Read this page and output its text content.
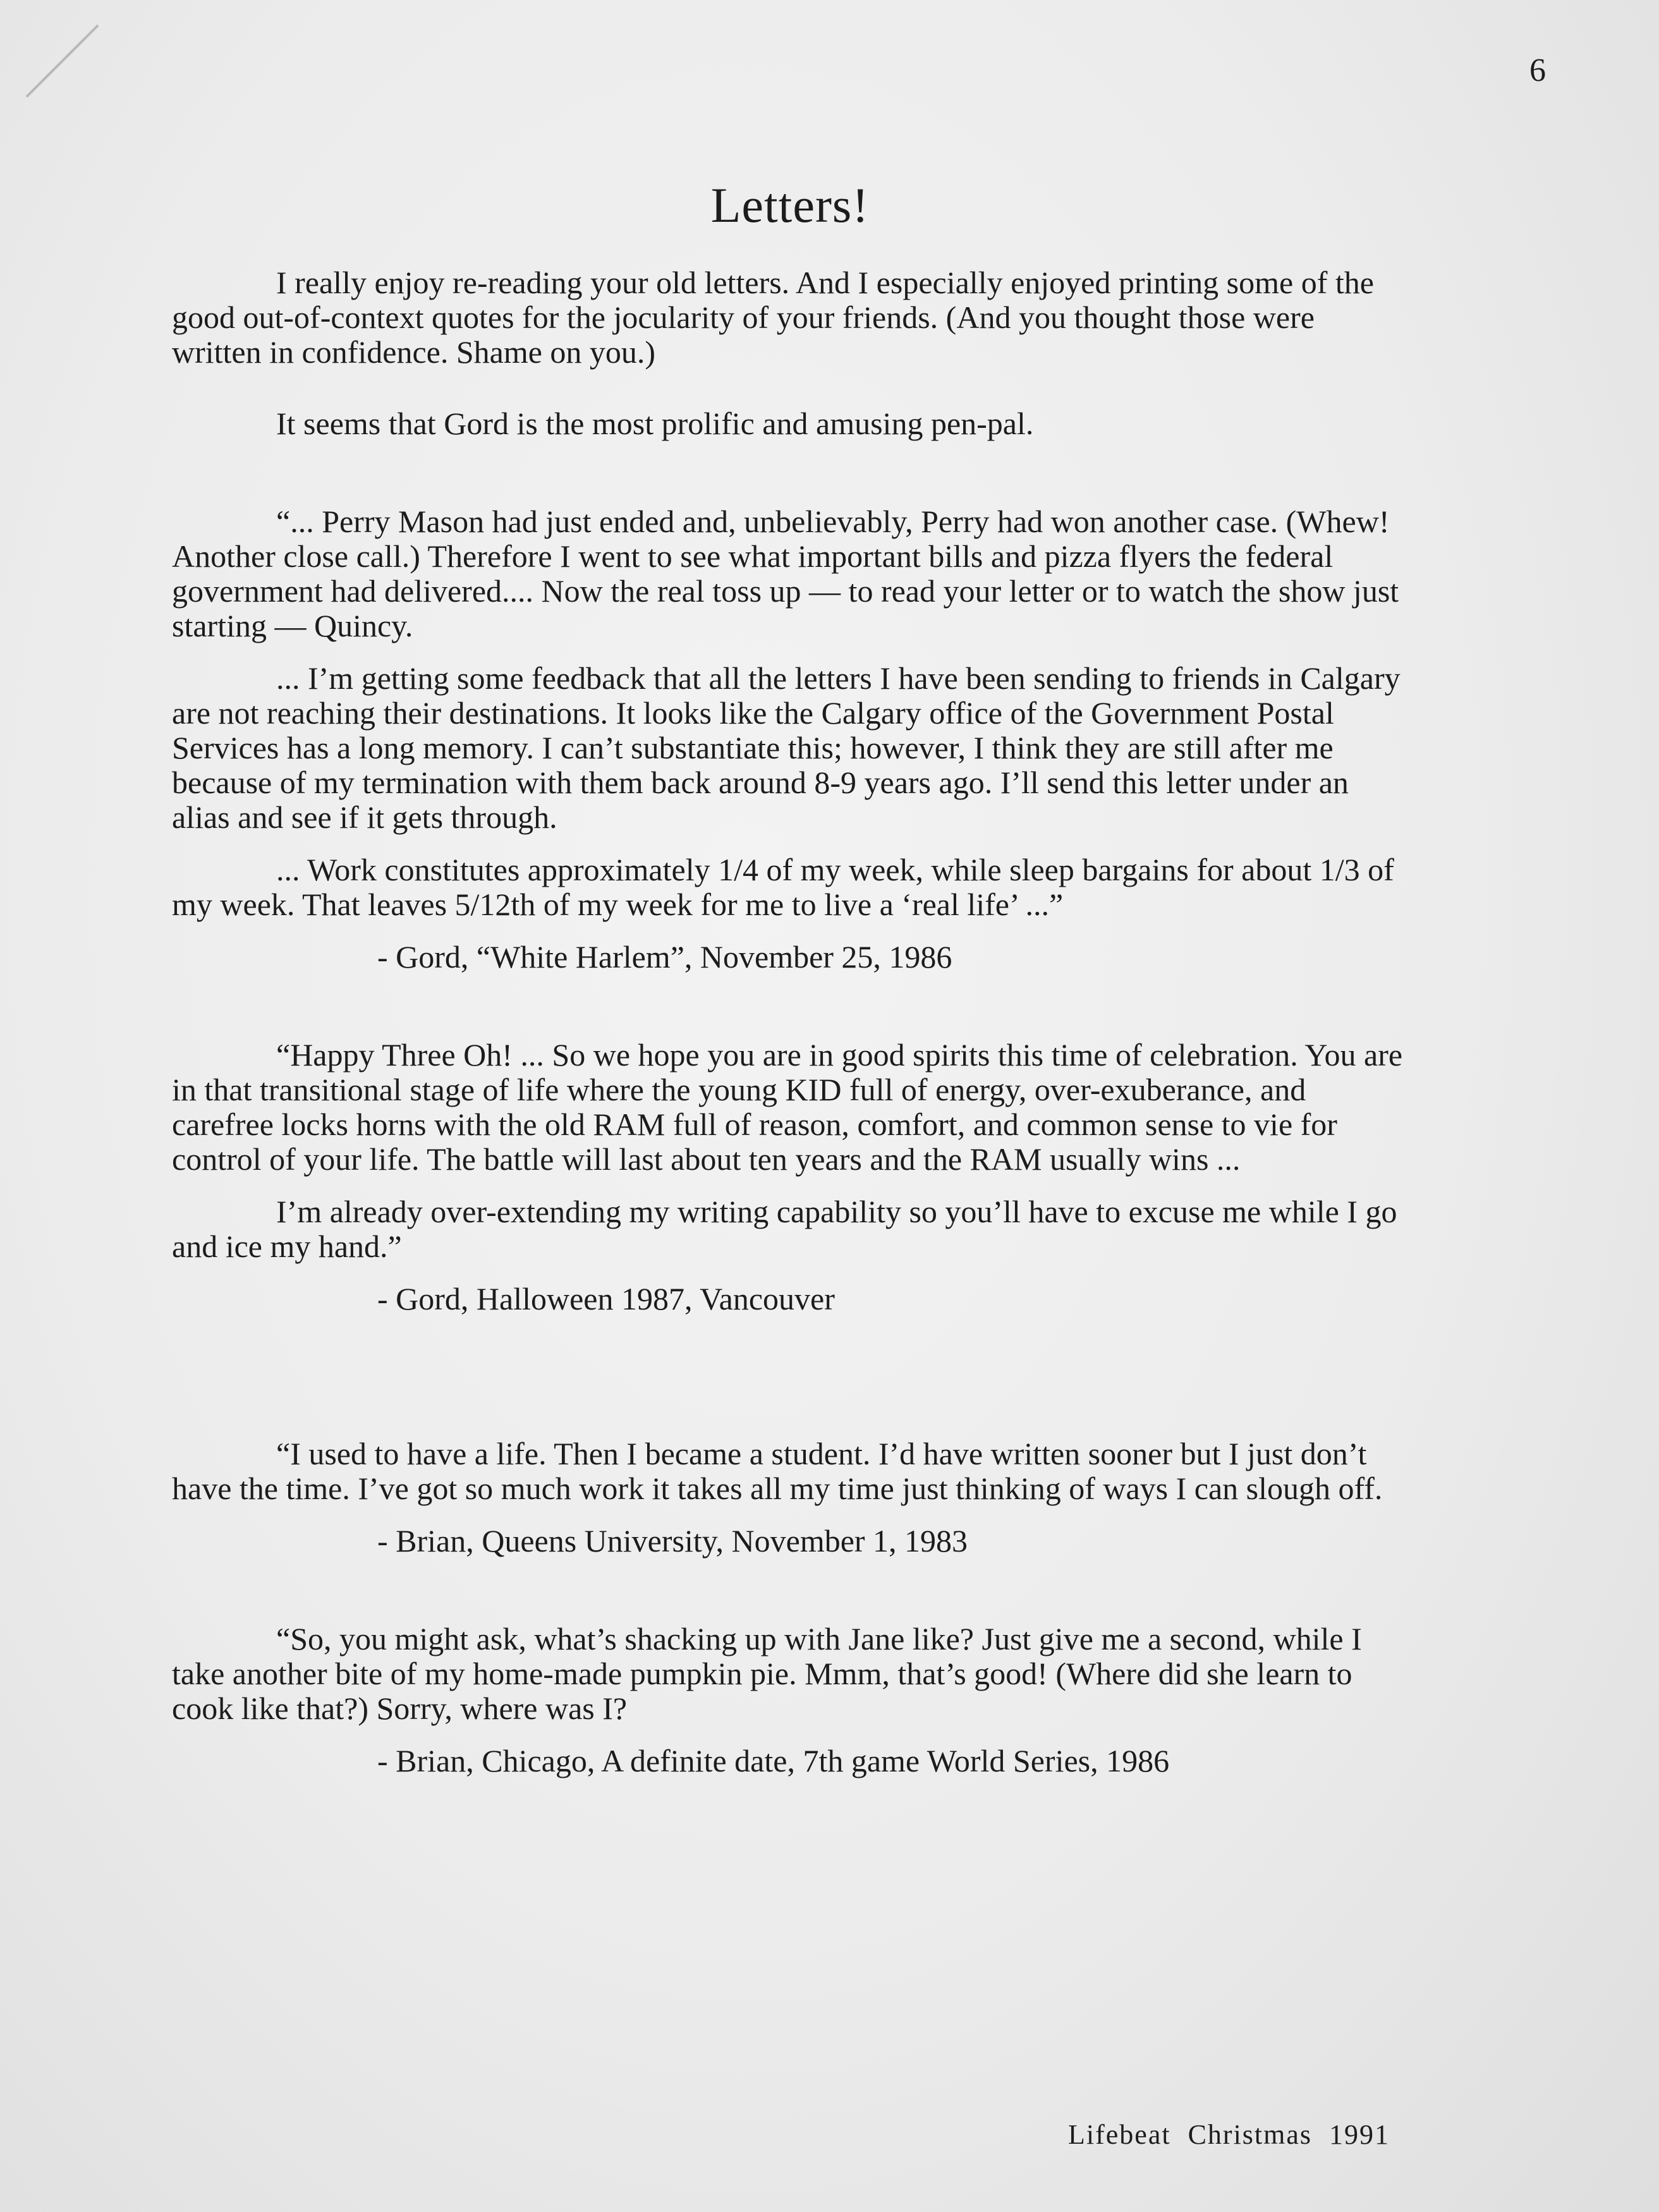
6
Letters!

I really enjoy re-reading your old letters. And I especially enjoyed printing some of the good out-of-context quotes for the jocularity of your friends. (And you thought those were written in confidence. Shame on you.)

It seems that Gord is the most prolific and amusing pen-pal.

“... Perry Mason had just ended and, unbelievably, Perry had won another case. (Whew! Another close call.) Therefore I went to see what important bills and pizza flyers the federal government had delivered.... Now the real toss up — to read your letter or to watch the show just starting — Quincy.

... I’m getting some feedback that all the letters I have been sending to friends in Calgary are not reaching their destinations. It looks like the Calgary office of the Government Postal Services has a long memory. I can’t substantiate this; however, I think they are still after me because of my termination with them back around 8-9 years ago. I’ll send this letter under an alias and see if it gets through.

... Work constitutes approximately 1/4 of my week, while sleep bargains for about 1/3 of my week. That leaves 5/12th of my week for me to live a ‘real life’ ...”

- Gord, “White Harlem”, November 25, 1986

“Happy Three Oh! ... So we hope you are in good spirits this time of celebration. You are in that transitional stage of life where the young KID full of energy, over-exuberance, and carefree locks horns with the old RAM full of reason, comfort, and common sense to vie for control of your life. The battle will last about ten years and the RAM usually wins ...

I’m already over-extending my writing capability so you’ll have to excuse me while I go and ice my hand.”

- Gord, Halloween 1987, Vancouver

“I used to have a life. Then I became a student. I’d have written sooner but I just don’t have the time. I’ve got so much work it takes all my time just thinking of ways I can slough off.

- Brian, Queens University, November 1, 1983

“So, you might ask, what’s shacking up with Jane like? Just give me a second, while I take another bite of my home-made pumpkin pie. Mmm, that’s good! (Where did she learn to cook like that?) Sorry, where was I?

- Brian, Chicago, A definite date, 7th game World Series, 1986
Lifebeat Christmas 1991
